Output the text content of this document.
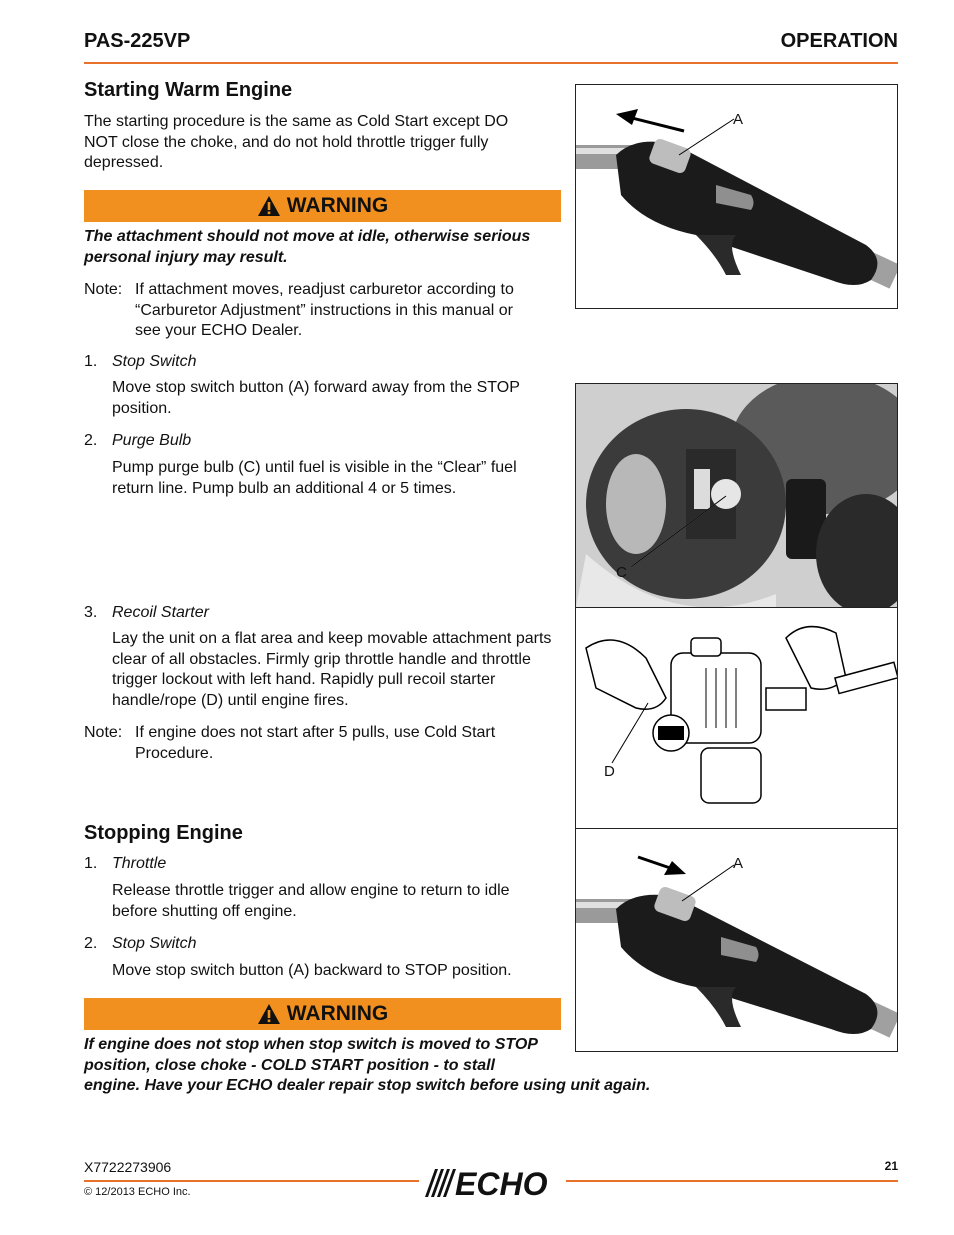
PAS-225VP	OPERATION
Starting Warm Engine
The starting procedure is the same as Cold Start except DO
NOT close the choke, and do not hold throttle trigger fully
depressed.
WARNING
The attachment should not move at idle, otherwise serious
personal injury may result.
Note: If attachment moves, readjust carburetor according to
“Carburetor Adjustment” instructions in this manual or
see your ECHO Dealer.
1. Stop Switch
Move stop switch button (A) forward away from the STOP
position.
2. Purge Bulb
Pump purge bulb (C) until fuel is visible in the “Clear” fuel
return line. Pump bulb an additional 4 or 5 times.
3. Recoil Starter
Lay the unit on a flat area and keep movable attachment parts
clear of all obstacles. Firmly grip throttle handle and throttle
trigger lockout with left hand. Rapidly pull recoil starter
handle/rope (D) until engine fires.
Note: If engine does not start after 5 pulls, use Cold Start
Procedure.
Stopping Engine
1. Throttle
Release throttle trigger and allow engine to return to idle
before shutting off engine.
2. Stop Switch
Move stop switch button (A) backward to STOP position.
WARNING
If engine does not stop when stop switch is moved to STOP
position, close choke - COLD START position - to stall
engine. Have your ECHO dealer repair stop switch before using unit again.
A
C
D
A
X7722273906	21
© 12/2013 ECHO Inc.	ECHO
